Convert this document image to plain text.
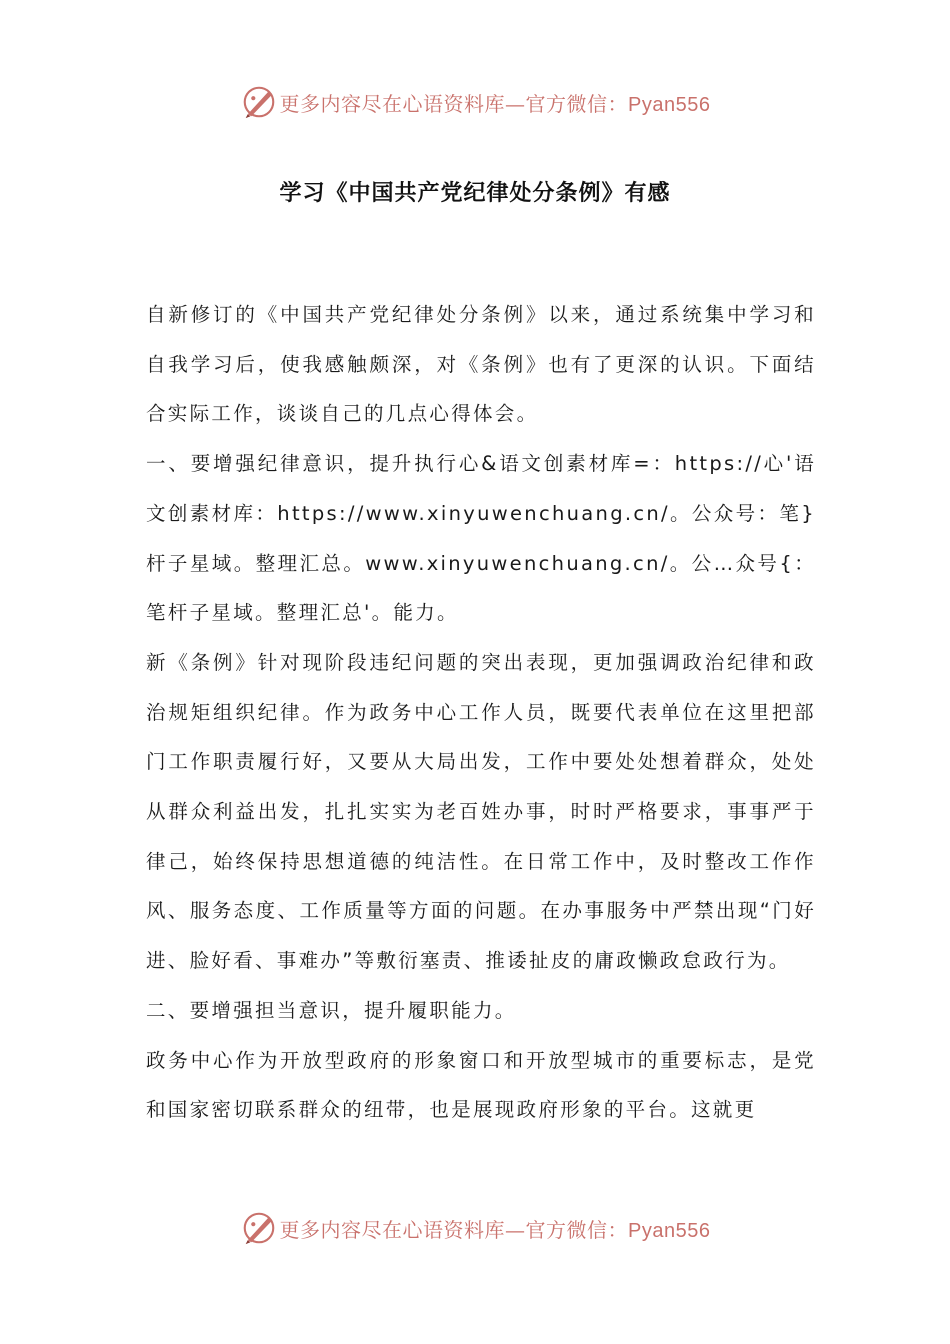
更多内容尽在心语资料库—官方微信：Pyan556
学习《中国共产党纪律处分条例》有感

自新修订的《中国共产党纪律处分条例》以来，通过系统集中学习和自我学习后，使我感触颇深，对《条例》也有了更深的认识。下面结合实际工作，谈谈自己的几点心得体会。

一、要增强纪律意识，提升执行心&语文创素材库=：https://心'语文创素材库：https://www.xinyuwenchuang.cn/。公众号：笔}杆子星域。整理汇总。www.xinyuwenchuang.cn/。公…众号{：笔杆子星域。整理汇总'。能力。

新《条例》针对现阶段违纪问题的突出表现，更加强调政治纪律和政治规矩组织纪律。作为政务中心工作人员，既要代表单位在这里把部门工作职责履行好，又要从大局出发，工作中要处处想着群众，处处从群众利益出发，扎扎实实为老百姓办事，时时严格要求，事事严于律己，始终保持思想道德的纯洁性。在日常工作中，及时整改工作作风、服务态度、工作质量等方面的问题。在办事服务中严禁出现“门好进、脸好看、事难办”等敷衍塞责、推诿扯皮的庸政懒政怠政行为。

二、要增强担当意识，提升履职能力。

政务中心作为开放型政府的形象窗口和开放型城市的重要标志，是党和国家密切联系群众的纽带，也是展现政府形象的平台。这就更

更多内容尽在心语资料库—官方微信：Pyan556
